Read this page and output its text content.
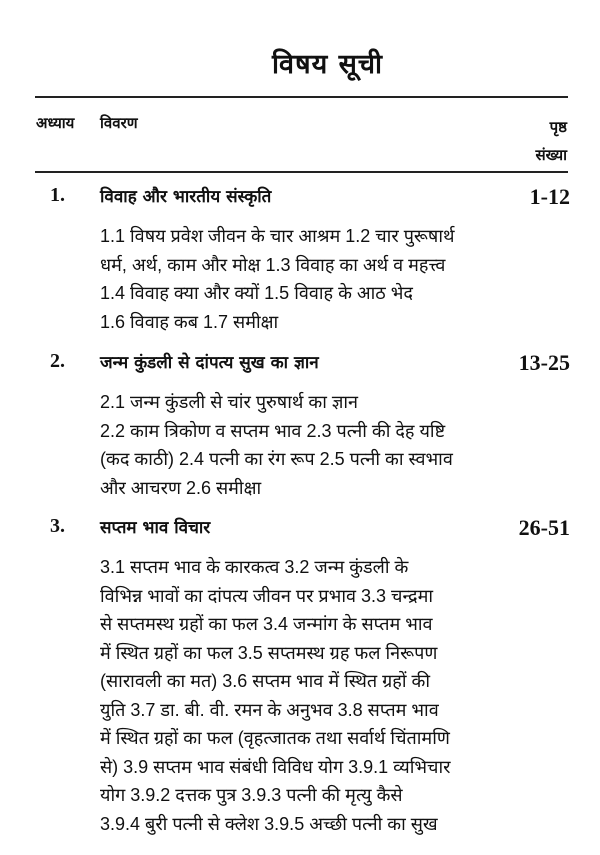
विषय सूची
अध्याय विवरण	पृष्ठ
संख्या
1. विवाह और भारतीय संस्कृति	1-12
1.1 विषय प्रवेश जीवन के चार आश्रम 1.2 चार पुरूषार्थ
धर्म, अर्थ, काम और मोक्ष 1.3 विवाह का अर्थ व महत्त्व
1.4 विवाह क्या और क्यों 1.5 विवाह के आठ भेद
1.6 विवाह कब 1.7 समीक्षा
2. जन्म कुंडली से दांपत्य सुख का ज्ञान	13-25
2.1 जन्म कुंडली से चांर पुरुषार्थ का ज्ञान
2.2 काम त्रिकोण व सप्तम भाव 2.3 पत्नी की देह यष्टि
(कद काठी) 2.4 पत्नी का रंग रूप 2.5 पत्नी का स्वभाव
और आचरण 2.6 समीक्षा
3. सप्तम भाव विचार	26-51
3.1 सप्तम भाव के कारकत्व 3.2 जन्म कुंडली के
विभिन्न भावों का दांपत्य जीवन पर प्रभाव 3.3 चन्द्रमा
से सप्तमस्थ ग्रहों का फल 3.4 जन्मांग के सप्तम भाव
में स्थित ग्रहों का फल 3.5 सप्तमस्थ ग्रह फल निरूपण
(सारावली का मत) 3.6 सप्तम भाव में स्थित ग्रहों की
युति 3.7 डा. बी. वी. रमन के अनुभव 3.8 सप्तम भाव
में स्थित ग्रहों का फल (वृहत्जातक तथा सर्वार्थ चिंतामणि
से) 3.9 सप्तम भाव संबंधी विविध योग 3.9.1 व्यभिचार
योग 3.9.2 दत्तक पुत्र 3.9.3 पत्नी की मृत्यु कैसे
3.9.4 बुरी पत्नी से क्लेश 3.9.5 अच्छी पत्नी का सुख
